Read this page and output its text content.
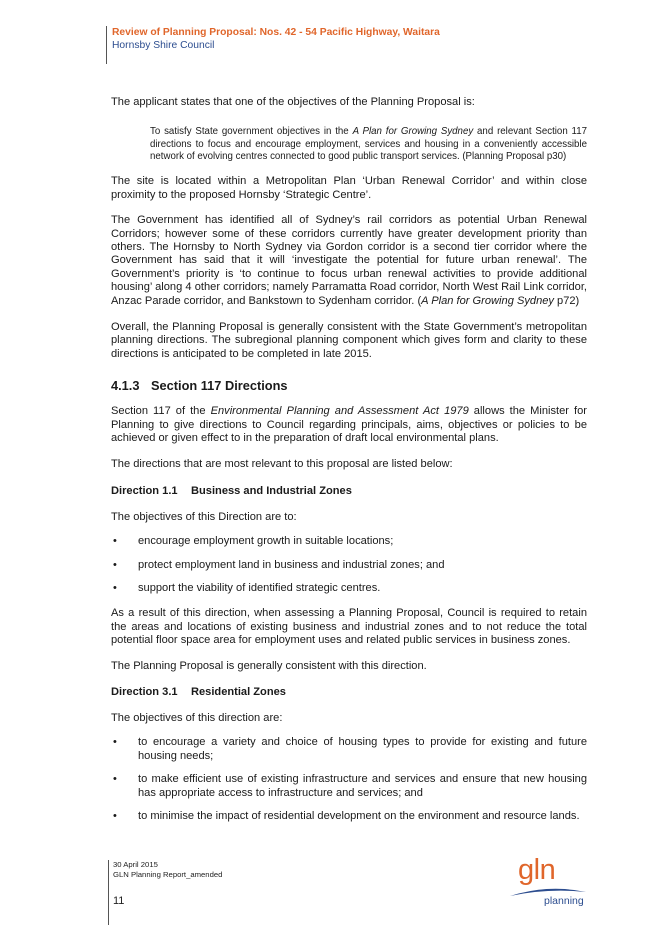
Review of Planning Proposal: Nos. 42 - 54 Pacific Highway, Waitara
Hornsby Shire Council

The applicant states that one of the objectives of the Planning Proposal is:

To satisfy State government objectives in the A Plan for Growing Sydney and relevant Section 117 directions to focus and encourage employment, services and housing in a conveniently accessible network of evolving centres connected to good public transport services. (Planning Proposal p30)

The site is located within a Metropolitan Plan ‘Urban Renewal Corridor’ and within close proximity to the proposed Hornsby ‘Strategic Centre’.

The Government has identified all of Sydney’s rail corridors as potential Urban Renewal Corridors; however some of these corridors currently have greater development priority than others. The Hornsby to North Sydney via Gordon corridor is a second tier corridor where the Government has said that it will ‘investigate the potential for future urban renewal’. The Government’s priority is ‘to continue to focus urban renewal activities to provide additional housing’ along 4 other corridors; namely Parramatta Road corridor, North West Rail Link corridor, Anzac Parade corridor, and Bankstown to Sydenham corridor. (A Plan for Growing Sydney p72)

Overall, the Planning Proposal is generally consistent with the State Government’s metropolitan planning directions. The subregional planning component which gives form and clarity to these directions is anticipated to be completed in late 2015.

4.1.3 Section 117 Directions

Section 117 of the Environmental Planning and Assessment Act 1979 allows the Minister for Planning to give directions to Council regarding principals, aims, objectives or policies to be achieved or given effect to in the preparation of draft local environmental plans.

The directions that are most relevant to this proposal are listed below:

Direction 1.1 Business and Industrial Zones

The objectives of this Direction are to:

• encourage employment growth in suitable locations;
• protect employment land in business and industrial zones; and
• support the viability of identified strategic centres.

As a result of this direction, when assessing a Planning Proposal, Council is required to retain the areas and locations of existing business and industrial zones and to not reduce the total potential floor space area for employment uses and related public services in business zones.

The Planning Proposal is generally consistent with this direction.

Direction 3.1 Residential Zones

The objectives of this direction are:

• to encourage a variety and choice of housing types to provide for existing and future housing needs;
• to make efficient use of existing infrastructure and services and ensure that new housing has appropriate access to infrastructure and services; and
• to minimise the impact of residential development on the environment and resource lands.
30 April 2015
GLN Planning Report_amended
11
gln
planning
